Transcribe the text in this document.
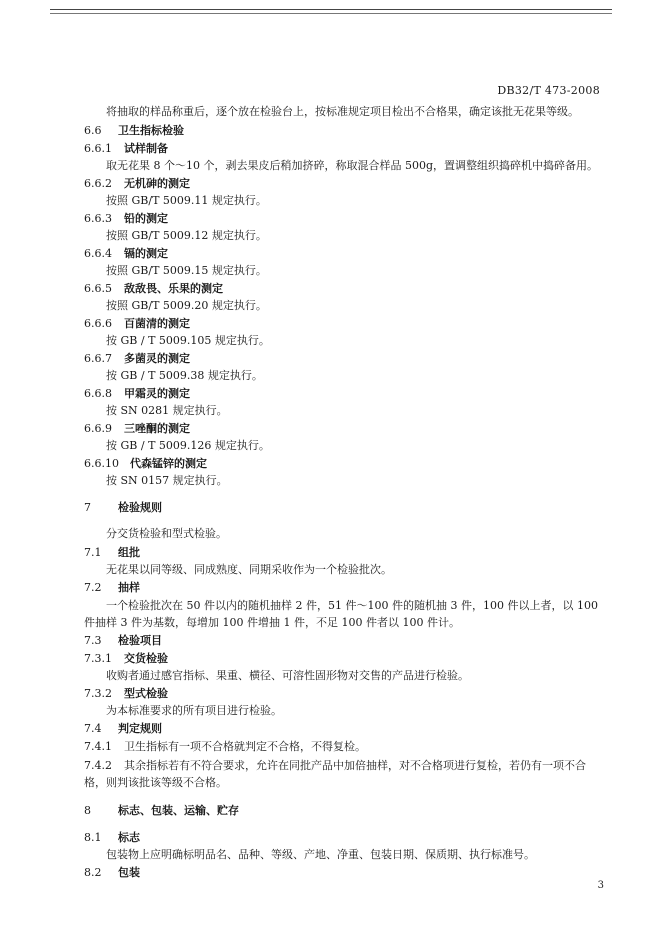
DB32/T 473-2008
将抽取的样品称重后，逐个放在检验台上，按标准规定项目检出不合格果，确定该批无花果等级。
6.6 卫生指标检验
6.6.1 试样制备
取无花果 8 个～10 个，剥去果皮后稍加挤碎，称取混合样品 500g，置调整组织捣碎机中捣碎备用。
6.6.2 无机砷的测定
按照 GB/T 5009.11 规定执行。
6.6.3 铅的测定
按照 GB/T 5009.12 规定执行。
6.6.4 镉的测定
按照 GB/T 5009.15 规定执行。
6.6.5 敌敌畏、乐果的测定
按照 GB/T 5009.20 规定执行。
6.6.6 百菌清的测定
按 GB / T 5009.105 规定执行。
6.6.7 多菌灵的测定
按 GB / T 5009.38 规定执行。
6.6.8 甲霜灵的测定
按 SN 0281 规定执行。
6.6.9 三唑酮的测定
按 GB / T 5009.126 规定执行。
6.6.10 代森锰锌的测定
按 SN 0157 规定执行。
7 检验规则
分交货检验和型式检验。
7.1 组批
无花果以同等级、同成熟度、同期采收作为一个检验批次。
7.2 抽样
一个检验批次在 50 件以内的随机抽样 2 件，51 件～100 件的随机抽 3 件，100 件以上者，以 100 件抽样 3 件为基数，每增加 100 件增抽 1 件，不足 100 件者以 100 件计。
7.3 检验项目
7.3.1 交货检验
收购者通过感官指标、果重、横径、可溶性固形物对交售的产品进行检验。
7.3.2 型式检验
为本标准要求的所有项目进行检验。
7.4 判定规则
7.4.1 卫生指标有一项不合格就判定不合格，不得复检。
7.4.2 其余指标若有不符合要求，允许在同批产品中加倍抽样，对不合格项进行复检，若仍有一项不合格，则判该批该等级不合格。
8 标志、包装、运输、贮存
8.1 标志
包装物上应明确标明品名、品种、等级、产地、净重、包装日期、保质期、执行标准号。
8.2 包装
3
